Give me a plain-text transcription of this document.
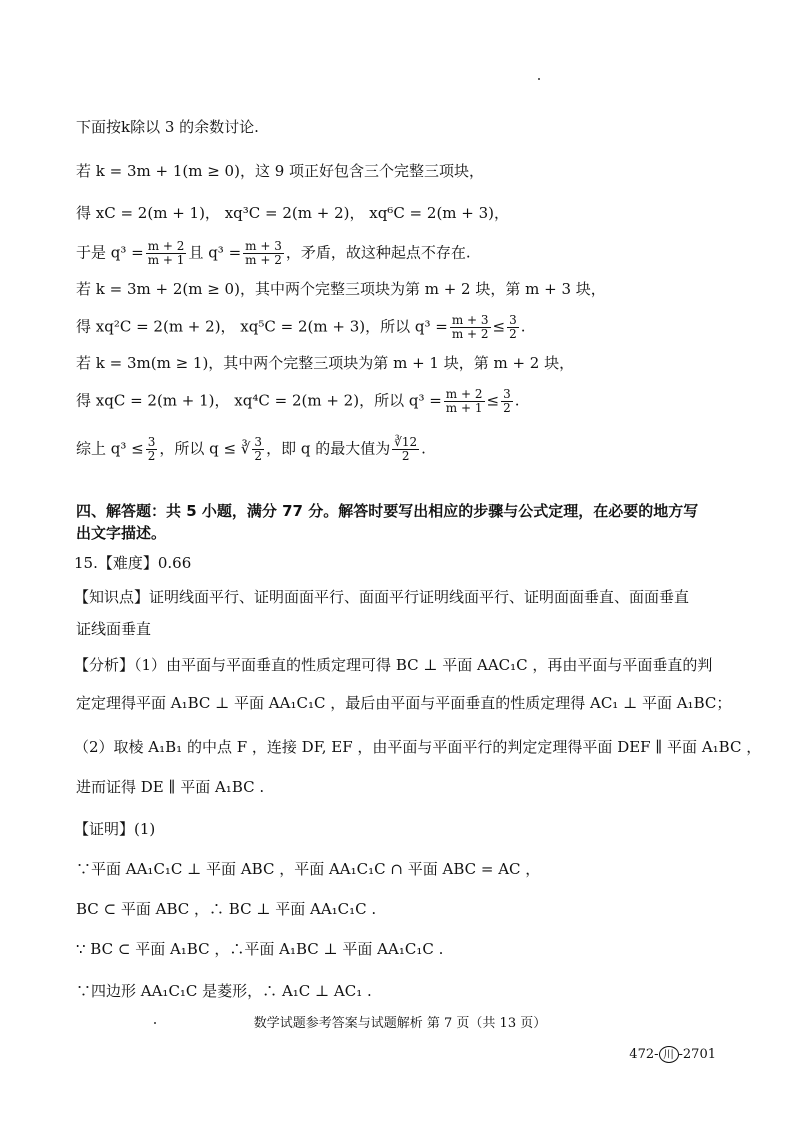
下面按k除以 3 的余数讨论.
若 k = 3m + 1(m ≥ 0)，这 9 项正好包含三个完整三项块，
得 xC = 2(m + 1)， xq³C = 2(m + 2)， xq⁶C = 2(m + 3)，
于是 $q^3 = \frac{m + 2}{m + 1}$ 且 $q^3 = \frac{m + 3}{m + 2}$ ，矛盾，故这种起点不存在.
若 k = 3m + 2(m ≥ 0)，其中两个完整三项块为第 m + 2 块，第 m + 3 块，
得 xq²C = 2(m + 2)， xq⁵C = 2(m + 3)，所以 $q^3 = \frac{m + 3}{m + 2} \le \frac{3}{2}$ .
若 k = 3m(m ≥ 1)，其中两个完整三项块为第 m + 1 块，第 m + 2 块，
得 xqC = 2(m + 1)， xq⁴C = 2(m + 2)，所以 $q^3 = \frac{m + 2}{m + 1} \le \frac{3}{2}$ .
综上 $q^3 \le \frac{3}{2}$ ，所以 q ≤ ∛ $\frac{3}{2}$ ，即 q 的最大值为 $\frac{∛12}{2}$ .
四、解答题：共 5 小题，满分 77 分。解答时要写出相应的步骤与公式定理，在必要的地方写
出文字描述。
15.【难度】0.66
【知识点】证明线面平行、证明面面平行、面面平行证明线面平行、证明面面垂直、面面垂直
证线面垂直
【分析】（1）由平面与平面垂直的性质定理可得 BC ⊥ 平面 AAC₁C ，再由平面与平面垂直的判
定定理得平面 A₁BC ⊥ 平面 AA₁C₁C ，最后由平面与平面垂直的性质定理得 AC₁ ⊥ 平面 A₁BC；
（2）取棱 A₁B₁ 的中点 F ，连接 DF, EF ，由平面与平面平行的判定定理得平面 DEF ∥ 平面 A₁BC ，
进而证得 DE ∥ 平面 A₁BC .
【证明】(1)
∵平面 AA₁C₁C ⊥ 平面 ABC ，平面 AA₁C₁C ∩ 平面 ABC = AC ，
BC ⊂ 平面 ABC ，∴ BC ⊥ 平面 AA₁C₁C .
∵ BC ⊂ 平面 A₁BC ，∴平面 A₁BC ⊥ 平面 AA₁C₁C .
∵四边形 AA₁C₁C 是菱形，∴ A₁C ⊥ AC₁ .
数学试题参考答案与试题解析 第 7 页（共 13 页）
472- 川 -2701
